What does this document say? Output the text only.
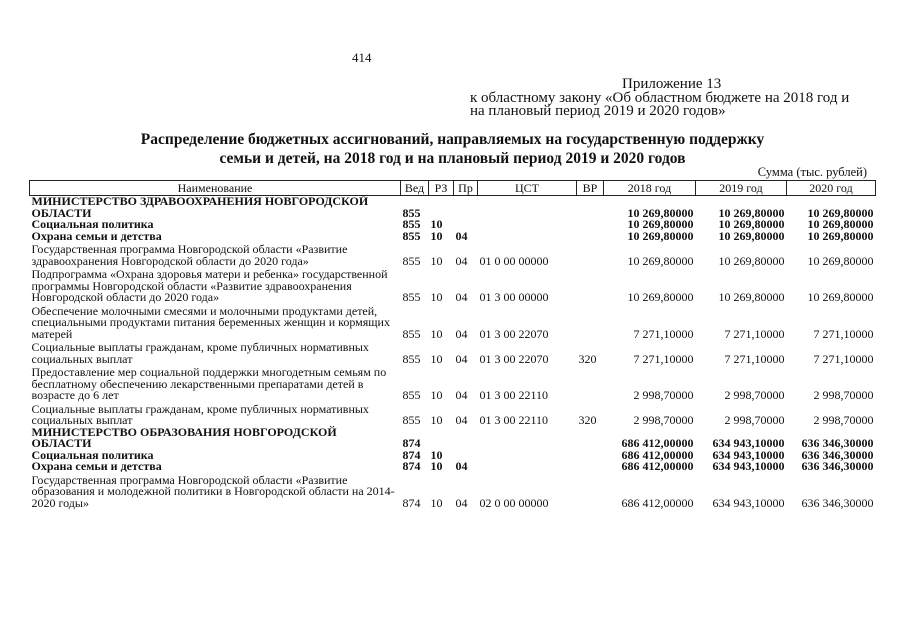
414
Приложение 13
к областному закону «Об областном бюджете на 2018 год и
на плановый период 2019 и 2020 годов»
Распределение бюджетных ассигнований, направляемых на государственную поддержку
семьи и детей, на 2018 год и на плановый период 2019 и 2020 годов
Сумма (тыс. рублей)
Наименование	Вед	РЗ	Пр	ЦСТ	ВР	2018 год	2019 год	2020 год
МИНИСТЕРСТВО ЗДРАВООХРАНЕНИЯ НОВГОРОДСКОЙ ОБЛАСТИ	855					10 269,80000	10 269,80000	10 269,80000
Социальная политика	855	10				10 269,80000	10 269,80000	10 269,80000
Охрана семьи и детства	855	10	04			10 269,80000	10 269,80000	10 269,80000
Государственная программа Новгородской области «Развитие здравоохранения Новгородской области до 2020 года»	855	10	04	01 0 00 00000		10 269,80000	10 269,80000	10 269,80000
Подпрограмма «Охрана здоровья матери и ребенка» государственной программы Новгородской области «Развитие здравоохранения Новгородской области до 2020 года»	855	10	04	01 3 00 00000		10 269,80000	10 269,80000	10 269,80000
Обеспечение молочными смесями и молочными продуктами детей, специальными продуктами питания беременных женщин и кормящих матерей	855	10	04	01 3 00 22070		7 271,10000	7 271,10000	7 271,10000
Социальные выплаты гражданам, кроме публичных нормативных социальных выплат	855	10	04	01 3 00 22070	320	7 271,10000	7 271,10000	7 271,10000
Предоставление мер социальной поддержки многодетным семьям по бесплатному обеспечению лекарственными препаратами детей в возрасте до 6 лет	855	10	04	01 3 00 22110		2 998,70000	2 998,70000	2 998,70000
Социальные выплаты гражданам, кроме публичных нормативных социальных выплат	855	10	04	01 3 00 22110	320	2 998,70000	2 998,70000	2 998,70000
МИНИСТЕРСТВО ОБРАЗОВАНИЯ НОВГОРОДСКОЙ ОБЛАСТИ	874					686 412,00000	634 943,10000	636 346,30000
Социальная политика	874	10				686 412,00000	634 943,10000	636 346,30000
Охрана семьи и детства	874	10	04			686 412,00000	634 943,10000	636 346,30000
Государственная программа Новгородской области «Развитие образования и молодежной политики в Новгородской области на 2014-2020 годы»	874	10	04	02 0 00 00000		686 412,00000	634 943,10000	636 346,30000
